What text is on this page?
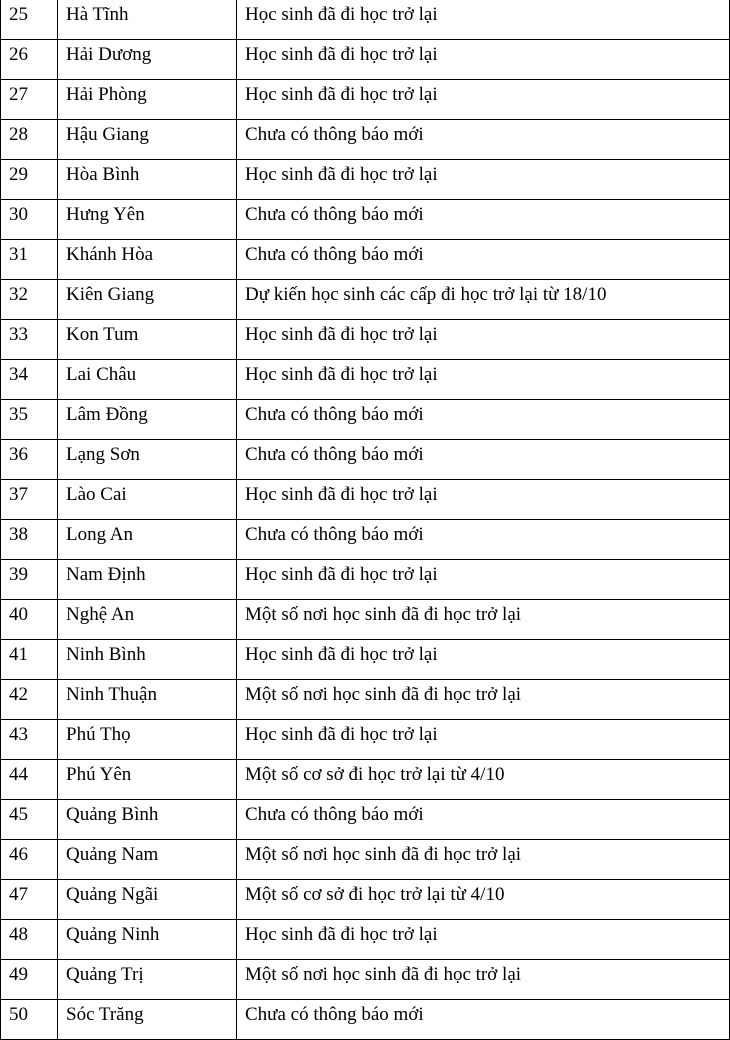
25	Hà Tĩnh	Học sinh đã đi học trở lại
26	Hải Dương	Học sinh đã đi học trở lại
27	Hải Phòng	Học sinh đã đi học trở lại
28	Hậu Giang	Chưa có thông báo mới
29	Hòa Bình	Học sinh đã đi học trở lại
30	Hưng Yên	Chưa có thông báo mới
31	Khánh Hòa	Chưa có thông báo mới
32	Kiên Giang	Dự kiến học sinh các cấp đi học trở lại từ 18/10
33	Kon Tum	Học sinh đã đi học trở lại
34	Lai Châu	Học sinh đã đi học trở lại
35	Lâm Đồng	Chưa có thông báo mới
36	Lạng Sơn	Chưa có thông báo mới
37	Lào Cai	Học sinh đã đi học trở lại
38	Long An	Chưa có thông báo mới
39	Nam Định	Học sinh đã đi học trở lại
40	Nghệ An	Một số nơi học sinh đã đi học trở lại
41	Ninh Bình	Học sinh đã đi học trở lại
42	Ninh Thuận	Một số nơi học sinh đã đi học trở lại
43	Phú Thọ	Học sinh đã đi học trở lại
44	Phú Yên	Một số cơ sở đi học trở lại từ 4/10
45	Quảng Bình	Chưa có thông báo mới
46	Quảng Nam	Một số nơi học sinh đã đi học trở lại
47	Quảng Ngãi	Một số cơ sở đi học trở lại từ 4/10
48	Quảng Ninh	Học sinh đã đi học trở lại
49	Quảng Trị	Một số nơi học sinh đã đi học trở lại
50	Sóc Trăng	Chưa có thông báo mới
